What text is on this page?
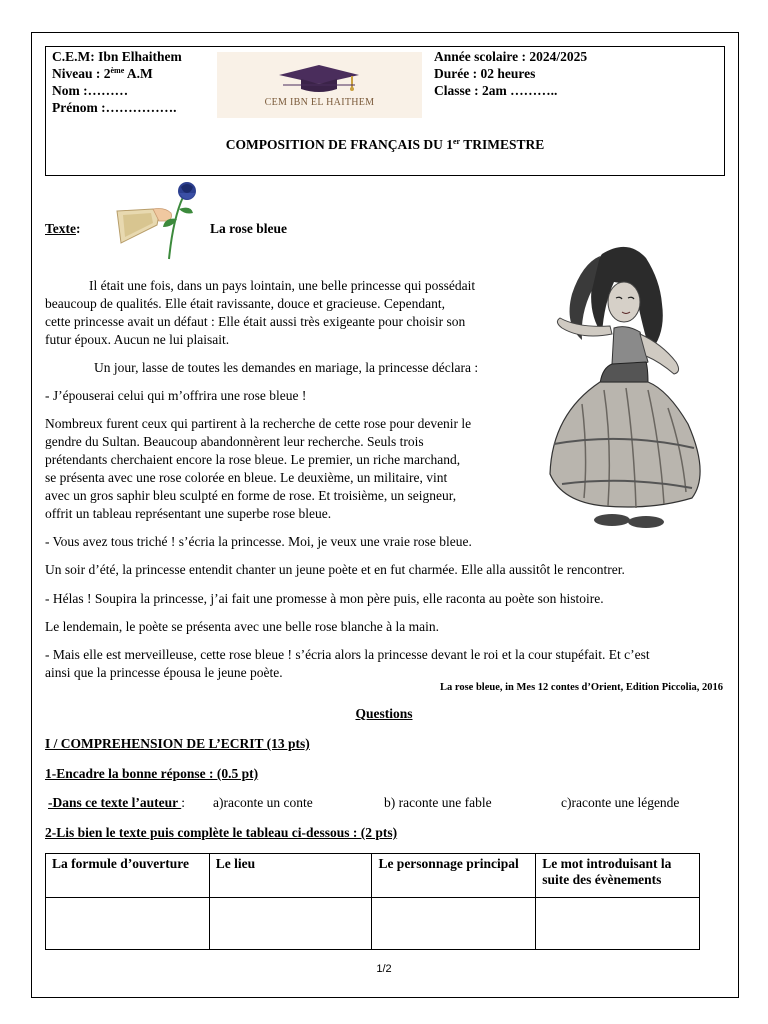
C.E.M: Ibn Elhaithem
Niveau : 2ème A.M
Nom :………
Prénom :…………….	CEM IBN EL HAITHEM
Année scolaire : 2024/2025
Durée : 02 heures
Classe : 2am ………..
COMPOSITION DE FRANÇAIS DU 1er TRIMESTRE
Texte:	La rose bleue
Il était une fois, dans un pays lointain, une belle princesse qui possédait
beaucoup de qualités. Elle était ravissante, douce et gracieuse. Cependant,
cette princesse avait un défaut : Elle était aussi très exigeante pour choisir son
futur époux. Aucun ne lui plaisait.
Un jour, lasse de toutes les demandes en mariage, la princesse déclara :
- J’épouserai celui qui m’offrira une rose bleue !
Nombreux furent ceux qui partirent à la recherche de cette rose pour devenir le
gendre du Sultan. Beaucoup abandonnèrent leur recherche. Seuls trois
prétendants cherchaient encore la rose bleue. Le premier, un riche marchand,
se présenta avec une rose colorée en bleue. Le deuxième, un militaire, vint
avec un gros saphir bleu sculpté en forme de rose. Et troisième, un seigneur,
offrit un tableau représentant une superbe rose bleue.
- Vous avez tous triché ! s’écria la princesse. Moi, je veux une vraie rose bleue.
Un soir d’été, la princesse entendit chanter un jeune poète et en fut charmée. Elle alla aussitôt le rencontrer.
- Hélas ! Soupira la princesse, j’ai fait une promesse à mon père puis, elle raconta au poète son histoire.
Le lendemain, le poète se présenta avec une belle rose blanche à la main.
- Mais elle est merveilleuse, cette rose bleue ! s’écria alors la princesse devant le roi et la cour stupéfait. Et c’est
ainsi que la princesse épousa le jeune poète.
La rose bleue, in Mes 12 contes d’Orient, Edition Piccolia, 2016
Questions
I / COMPREHENSION DE L’ECRIT (13 pts)
1-Encadre la bonne réponse : (0.5 pt)
-Dans ce texte l’auteur : a)raconte un conte	b) raconte une fable	c)raconte une légende
2-Lis bien le texte puis complète le tableau ci-dessous : (2 pts)
La formule d’ouverture	Le lieu	Le personnage principal	Le mot introduisant la suite des évènements

1/2
